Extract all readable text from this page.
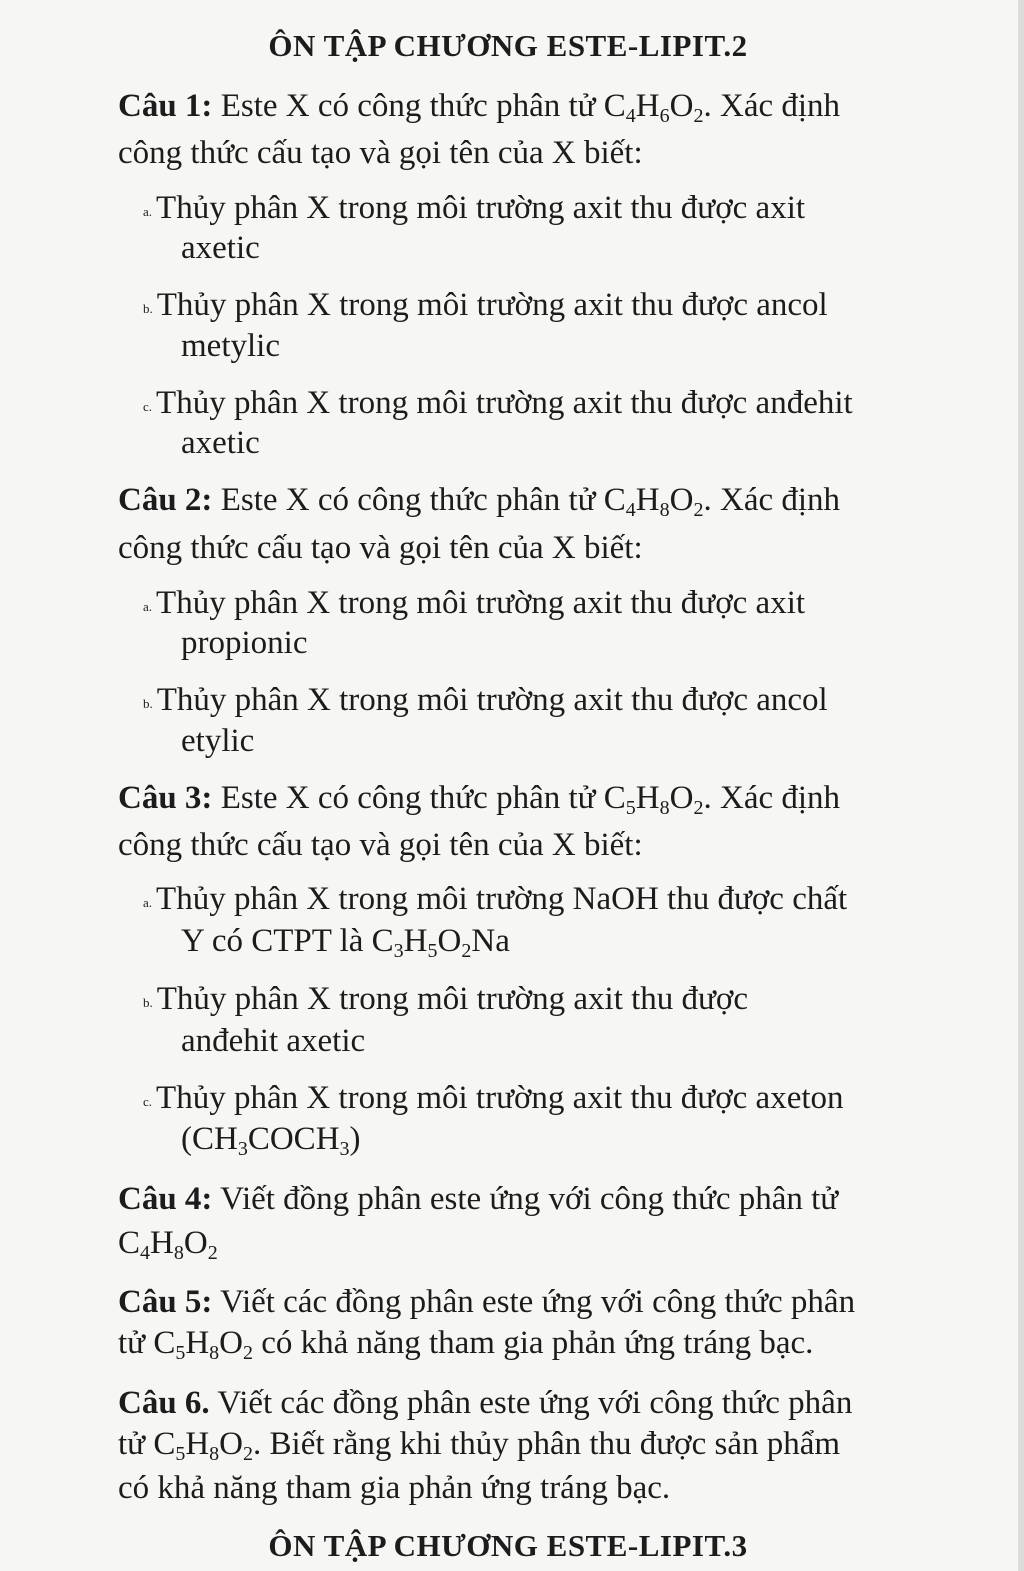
ÔN TẬP CHƯƠNG ESTE-LIPIT.2
Câu 1: Este X có công thức phân tử $C_4H_6O_2$. Xác định
công thức cấu tạo và gọi tên của X biết:
a. Thủy phân X trong môi trường axit thu được axit
axetic
b. Thủy phân X trong môi trường axit thu được ancol
metylic
c. Thủy phân X trong môi trường axit thu được anđehit
axetic
Câu 2: Este X có công thức phân tử $C_4H_8O_2$. Xác định
công thức cấu tạo và gọi tên của X biết:
a. Thủy phân X trong môi trường axit thu được axit
propionic
b. Thủy phân X trong môi trường axit thu được ancol
etylic
Câu 3: Este X có công thức phân tử $C_5H_8O_2$. Xác định
công thức cấu tạo và gọi tên của X biết:
a. Thủy phân X trong môi trường NaOH thu được chất
Y có CTPT là $C_3H_5O_2Na$
b. Thủy phân X trong môi trường axit thu được
anđehit axetic
c. Thủy phân X trong môi trường axit thu được axeton
$(CH_3COCH_3)$
Câu 4: Viết đồng phân este ứng với công thức phân tử
$C_4H_8O_2$
Câu 5: Viết các đồng phân este ứng với công thức phân
tử $C_5H_8O_2$ có khả năng tham gia phản ứng tráng bạc.
Câu 6. Viết các đồng phân este ứng với công thức phân
tử $C_5H_8O_2$. Biết rằng khi thủy phân thu được sản phẩm
có khả năng tham gia phản ứng tráng bạc.
ÔN TẬP CHƯƠNG ESTE-LIPIT.3
